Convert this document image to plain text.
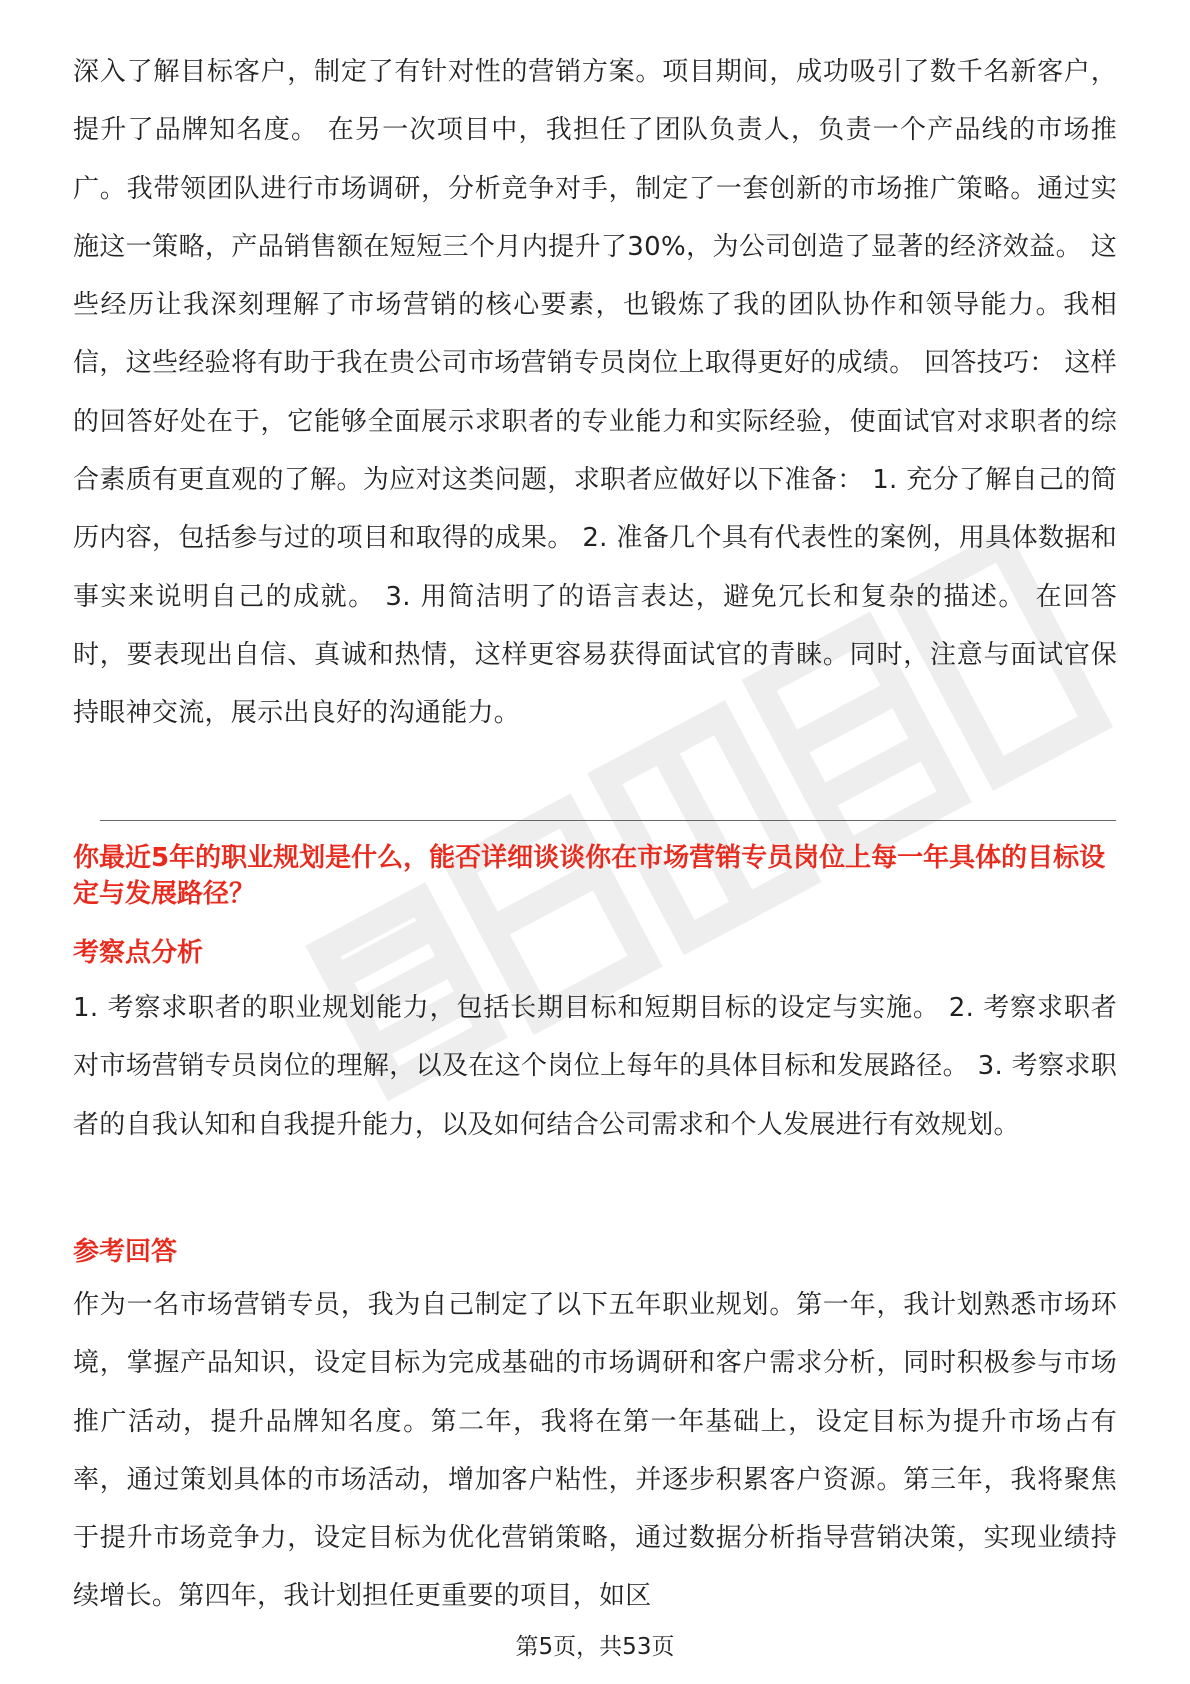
深入了解目标客户，制定了有针对性的营销方案。项目期间，成功吸引了数千名新客户，提升了品牌知名度。 在另一次项目中，我担任了团队负责人，负责一个产品线的市场推广。我带领团队进行市场调研，分析竞争对手，制定了一套创新的市场推广策略。通过实施这一策略，产品销售额在短短三个月内提升了30%，为公司创造了显著的经济效益。 这些经历让我深刻理解了市场营销的核心要素，也锻炼了我的团队协作和领导能力。我相信，这些经验将有助于我在贵公司市场营销专员岗位上取得更好的成绩。 回答技巧： 这样的回答好处在于，它能够全面展示求职者的专业能力和实际经验，使面试官对求职者的综合素质有更直观的了解。为应对这类问题，求职者应做好以下准备： 1. 充分了解自己的简历内容，包括参与过的项目和取得的成果。 2. 准备几个具有代表性的案例，用具体数据和事实来说明自己的成就。 3. 用简洁明了的语言表达，避免冗长和复杂的描述。 在回答时，要表现出自信、真诚和热情，这样更容易获得面试官的青睐。同时，注意与面试官保持眼神交流，展示出良好的沟通能力。

你最近5年的职业规划是什么，能否详细谈谈你在市场营销专员岗位上每一年具体的目标设定与发展路径？

考察点分析

1. 考察求职者的职业规划能力，包括长期目标和短期目标的设定与实施。 2. 考察求职者对市场营销专员岗位的理解，以及在这个岗位上每年的具体目标和发展路径。 3. 考察求职者的自我认知和自我提升能力，以及如何结合公司需求和个人发展进行有效规划。

参考回答

作为一名市场营销专员，我为自己制定了以下五年职业规划。第一年，我计划熟悉市场环境，掌握产品知识，设定目标为完成基础的市场调研和客户需求分析，同时积极参与市场推广活动，提升品牌知名度。第二年，我将在第一年基础上，设定目标为提升市场占有率，通过策划具体的市场活动，增加客户粘性，并逐步积累客户资源。第三年，我将聚焦于提升市场竞争力，设定目标为优化营销策略，通过数据分析指导营销决策，实现业绩持续增长。第四年，我计划担任更重要的项目，如区

第5页，共53页
